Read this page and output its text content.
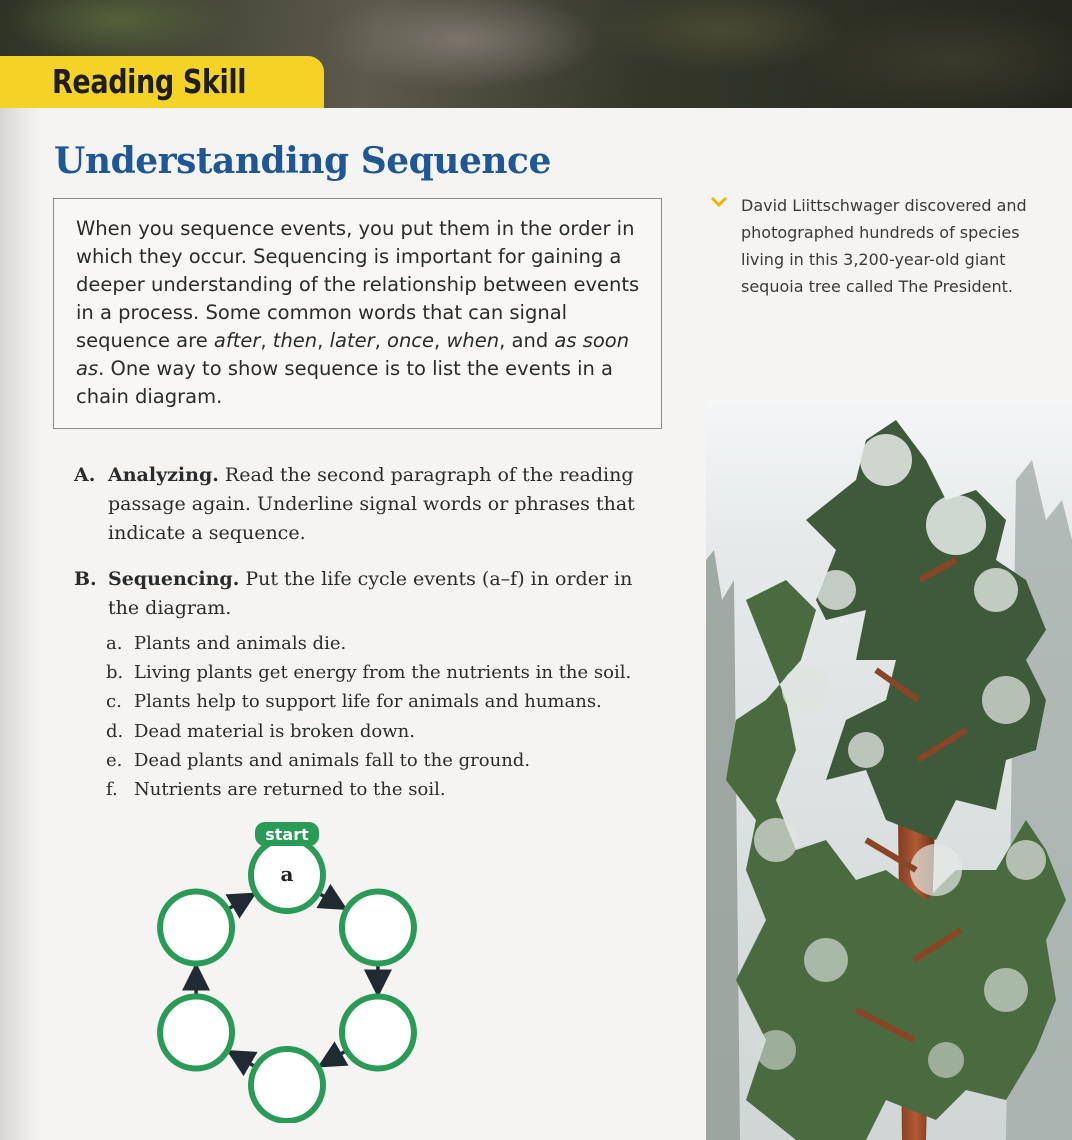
Reading Skill
Understanding Sequence

When you sequence events, you put them in the order in which they occur. Sequencing is important for gaining a deeper understanding of the relationship between events in a process. Some common words that can signal sequence are after, then, later, once, when, and as soon as. One way to show sequence is to list the events in a chain diagram.

A. Analyzing. Read the second paragraph of the reading passage again. Underline signal words or phrases that indicate a sequence.
B. Sequencing. Put the life cycle events (a–f) in order in the diagram.
a. Plants and animals die.
b. Living plants get energy from the nutrients in the soil.
c. Plants help to support life for animals and humans.
d. Dead material is broken down.
e. Dead plants and animals fall to the ground.
f. Nutrients are returned to the soil.
start
a

David Liittschwager discovered and photographed hundreds of species living in this 3,200-year-old giant sequoia tree called The President.
